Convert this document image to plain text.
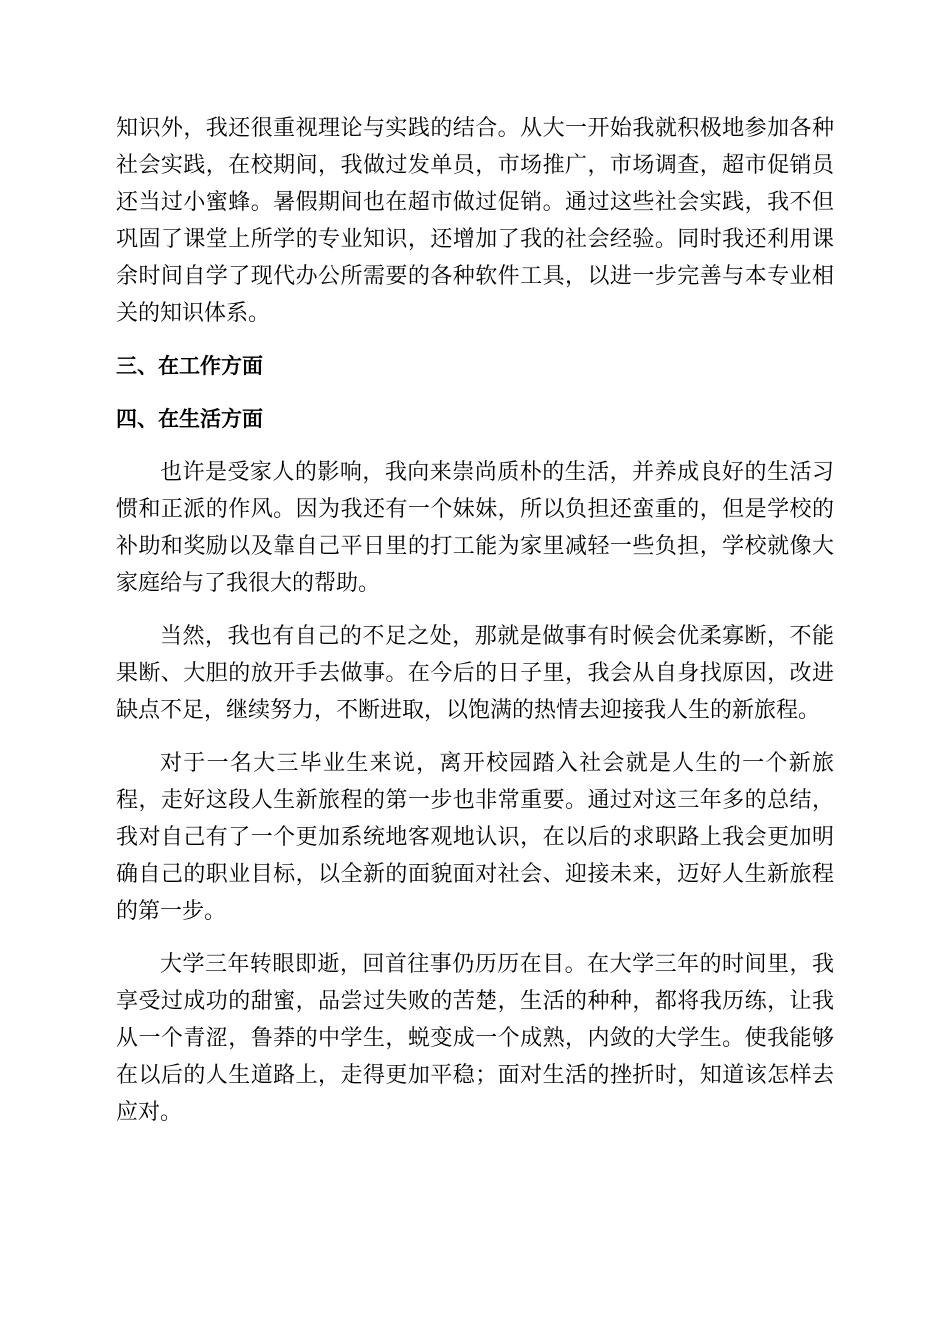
知识外，我还很重视理论与实践的结合。从大一开始我就积极地参加各种社会实践，在校期间，我做过发单员，市场推广，市场调查，超市促销员还当过小蜜蜂。暑假期间也在超市做过促销。通过这些社会实践，我不但巩固了课堂上所学的专业知识，还增加了我的社会经验。同时我还利用课余时间自学了现代办公所需要的各种软件工具，以进一步完善与本专业相关的知识体系。

三、在工作方面
四、在生活方面

也许是受家人的影响，我向来崇尚质朴的生活，并养成良好的生活习惯和正派的作风。因为我还有一个妹妹，所以负担还蛮重的，但是学校的补助和奖励以及靠自己平日里的打工能为家里减轻一些负担，学校就像大家庭给与了我很大的帮助。

当然，我也有自己的不足之处，那就是做事有时候会优柔寡断，不能果断、大胆的放开手去做事。在今后的日子里，我会从自身找原因，改进缺点不足，继续努力，不断进取，以饱满的热情去迎接我人生的新旅程。

对于一名大三毕业生来说，离开校园踏入社会就是人生的一个新旅程，走好这段人生新旅程的第一步也非常重要。通过对这三年多的总结，我对自己有了一个更加系统地客观地认识，在以后的求职路上我会更加明确自己的职业目标，以全新的面貌面对社会、迎接未来，迈好人生新旅程的第一步。

大学三年转眼即逝，回首往事仍历历在目。在大学三年的时间里，我享受过成功的甜蜜，品尝过失败的苦楚，生活的种种，都将我历练，让我从一个青涩，鲁莽的中学生，蜕变成一个成熟，内敛的大学生。使我能够在以后的人生道路上，走得更加平稳；面对生活的挫折时，知道该怎样去应对。
